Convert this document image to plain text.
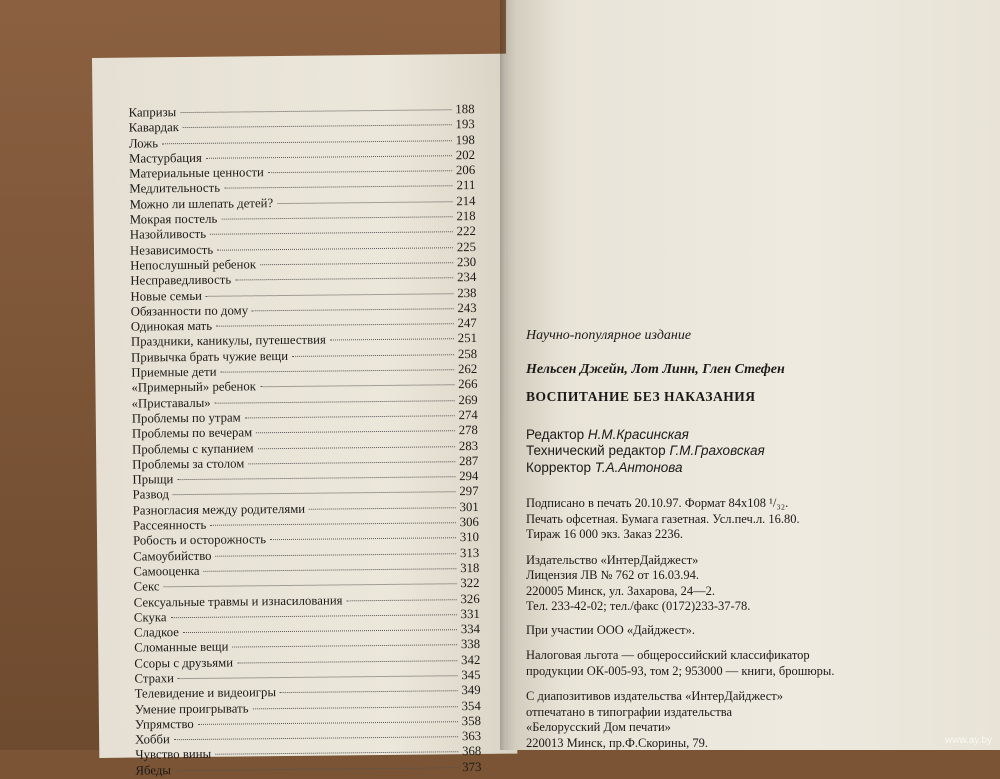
Капризы	188
Кавардак	193
Ложь	198
Мастурбация	202
Материальные ценности	206
Медлительность	211
Можно ли шлепать детей?	214
Мокрая постель	218
Назойливость	222
Независимость	225
Непослушный ребенок	230
Несправедливость	234
Новые семьи	238
Обязанности по дому	243
Одинокая мать	247
Праздники, каникулы, путешествия	251
Привычка брать чужие вещи	258
Приемные дети	262
«Примерный» ребенок	266
«Приставалы»	269
Проблемы по утрам	274
Проблемы по вечерам	278
Проблемы с купанием	283
Проблемы за столом	287
Прыщи	294
Развод	297
Разногласия между родителями	301
Рассеянность	306
Робость и осторожность	310
Самоубийство	313
Самооценка	318
Секс	322
Сексуальные травмы и изнасилования	326
Скука	331
Сладкое	334
Сломанные вещи	338
Ссоры с друзьями	342
Страхи	345
Телевидение и видеоигры	349
Умение проигрывать	354
Упрямство	358
Хобби	363
Чувство вины	368
Ябеды	373
Научно-популярное издание
Нельсен Джейн, Лот Линн, Глен Стефен
ВОСПИТАНИЕ БЕЗ НАКАЗАНИЯ
Редактор Н.М.Красинская
Технический редактор Г.М.Граховская
Корректор Т.А.Антонова
Подписано в печать 20.10.97. Формат 84x108 ¹/₃₂.
Печать офсетная. Бумага газетная. Усл.печ.л. 16.80.
Тираж 16 000 экз. Заказ 2236.
Издательство «ИнтерДайджест»
Лицензия ЛВ № 762 от 16.03.94.
220005 Минск, ул. Захарова, 24—2.
Тел. 233-42-02; тел./факс (0172)233-37-78.
При участии ООО «Дайджест».
Налоговая льгота — общероссийский классификатор
продукции ОК-005-93, том 2; 953000 — книги, брошюры.
С диапозитивов издательства «ИнтерДайджест»
отпечатано в типографии издательства
«Белорусский Дом печати»
220013 Минск, пр.Ф.Скорины, 79.	www.ay.by
